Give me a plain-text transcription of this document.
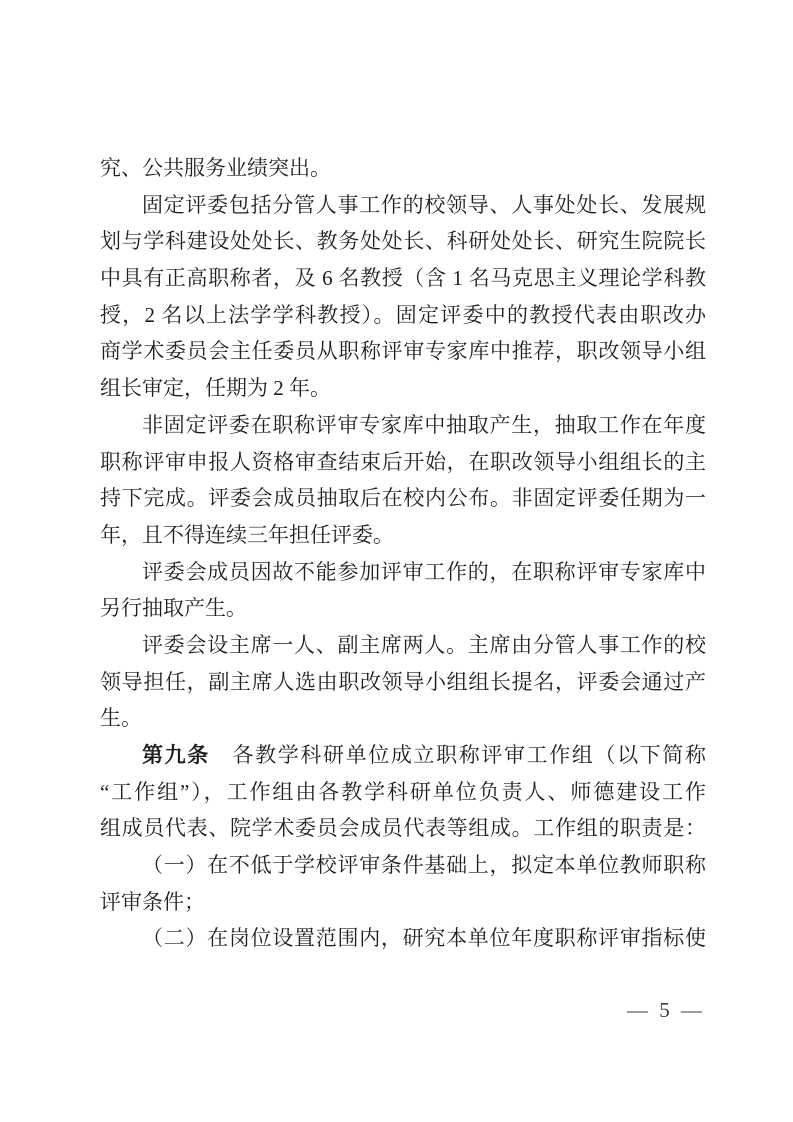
究、公共服务业绩突出。
固定评委包括分管人事工作的校领导、人事处处长、发展规
划与学科建设处处长、教务处处长、科研处处长、研究生院院长
中具有正高职称者，及 6 名教授（含 1 名马克思主义理论学科教
授，2 名以上法学学科教授）。固定评委中的教授代表由职改办
商学术委员会主任委员从职称评审专家库中推荐，职改领导小组
组长审定，任期为 2 年。
非固定评委在职称评审专家库中抽取产生，抽取工作在年度
职称评审申报人资格审查结束后开始，在职改领导小组组长的主
持下完成。评委会成员抽取后在校内公布。非固定评委任期为一
年，且不得连续三年担任评委。
评委会成员因故不能参加评审工作的，在职称评审专家库中
另行抽取产生。
评委会设主席一人、副主席两人。主席由分管人事工作的校
领导担任，副主席人选由职改领导小组组长提名，评委会通过产
生。
第九条　各教学科研单位成立职称评审工作组（以下简称
“工作组”），工作组由各教学科研单位负责人、师德建设工作
组成员代表、院学术委员会成员代表等组成。工作组的职责是：
（一）在不低于学校评审条件基础上，拟定本单位教师职称
评审条件；
（二）在岗位设置范围内，研究本单位年度职称评审指标使
— 5 —
